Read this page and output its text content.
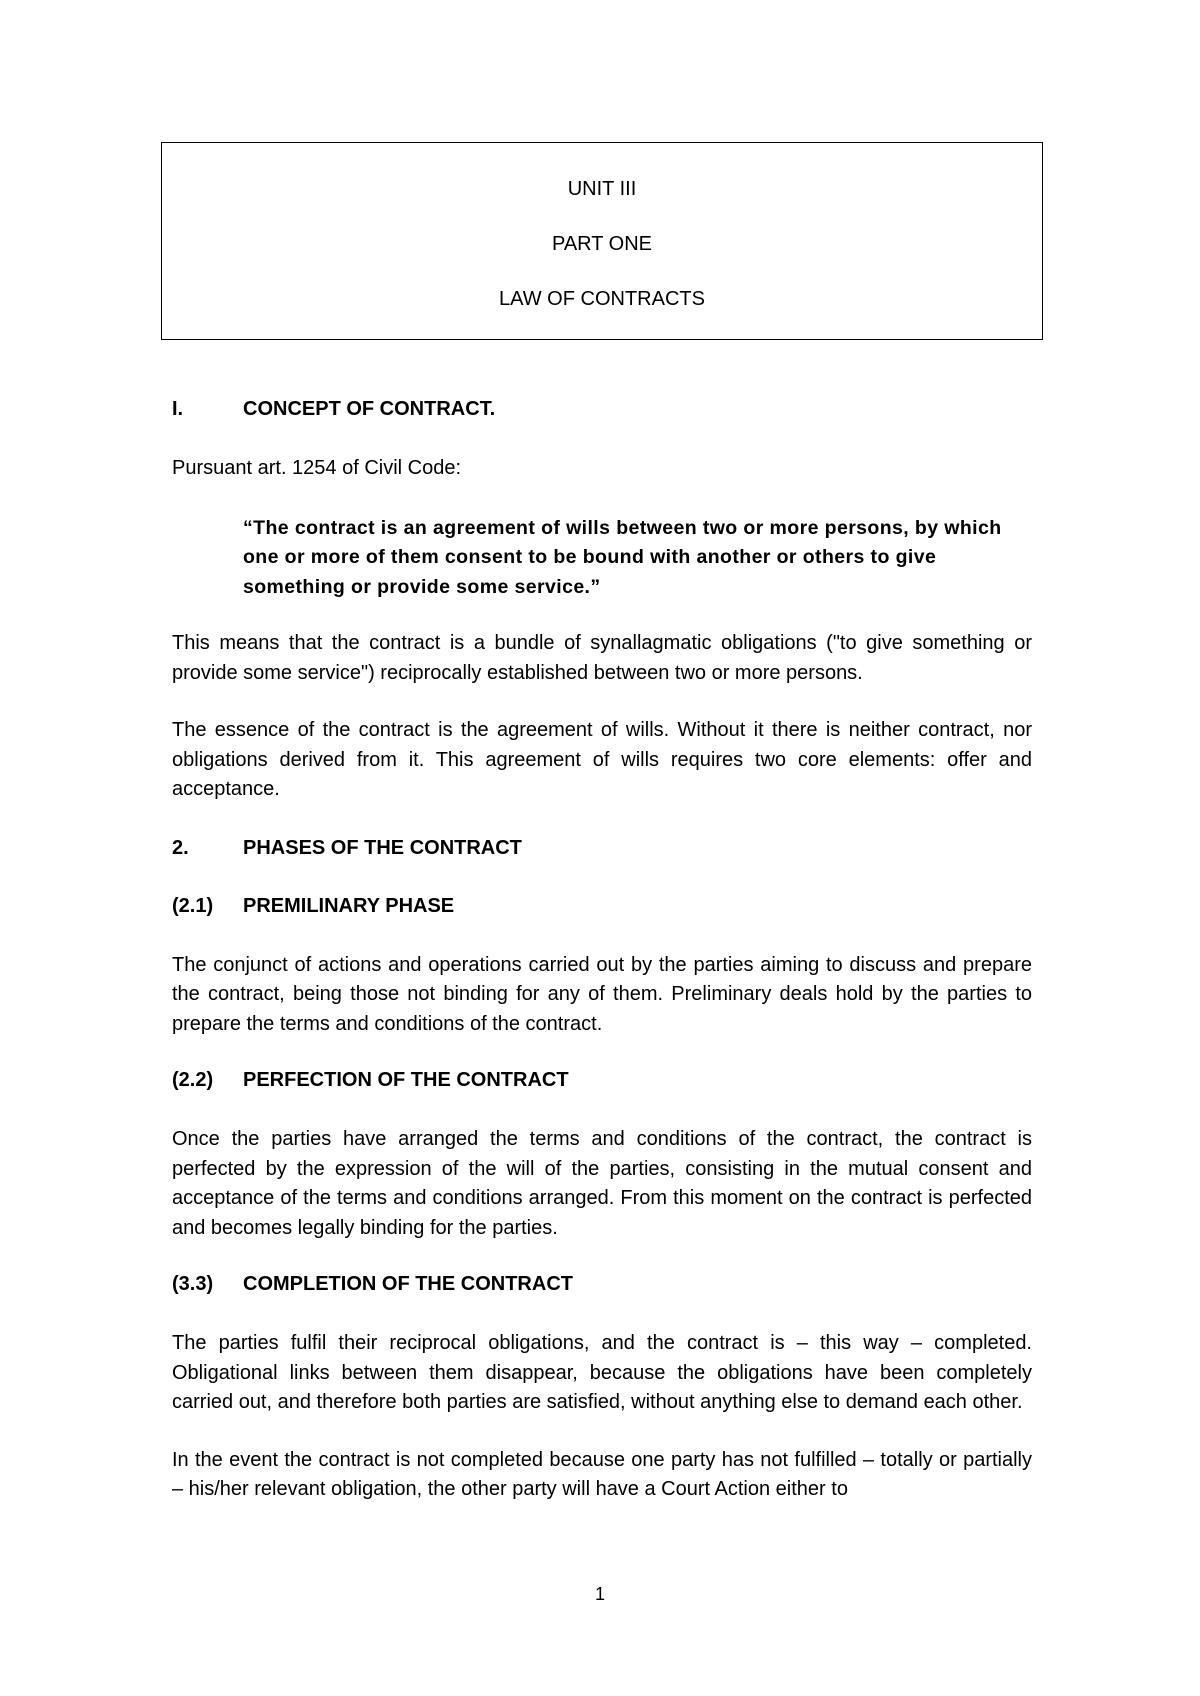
UNIT III
PART ONE
LAW OF CONTRACTS
I.	CONCEPT OF CONTRACT.

Pursuant art. 1254 of Civil Code:

“The contract is an agreement of wills between two or more persons, by which one or more of them consent to be bound with another or others to give something or provide some service.”

This means that the contract is a bundle of synallagmatic obligations ("to give something or provide some service") reciprocally established between two or more persons.

The essence of the contract is the agreement of wills. Without it there is neither contract, nor obligations derived from it. This agreement of wills requires two core elements: offer and acceptance.

2.	PHASES OF THE CONTRACT
(2.1)	PREMILINARY PHASE

The conjunct of actions and operations carried out by the parties aiming to discuss and prepare the contract, being those not binding for any of them. Preliminary deals hold by the parties to prepare the terms and conditions of the contract.

(2.2)	PERFECTION OF THE CONTRACT

Once the parties have arranged the terms and conditions of the contract, the contract is perfected by the expression of the will of the parties, consisting in the mutual consent and acceptance of the terms and conditions arranged. From this moment on the contract is perfected and becomes legally binding for the parties.

(3.3)	COMPLETION OF THE CONTRACT

The parties fulfil their reciprocal obligations, and the contract is – this way – completed. Obligational links between them disappear, because the obligations have been completely carried out, and therefore both parties are satisfied, without anything else to demand each other.

In the event the contract is not completed because one party has not fulfilled – totally or partially – his/her relevant obligation, the other party will have a Court Action either to

1
